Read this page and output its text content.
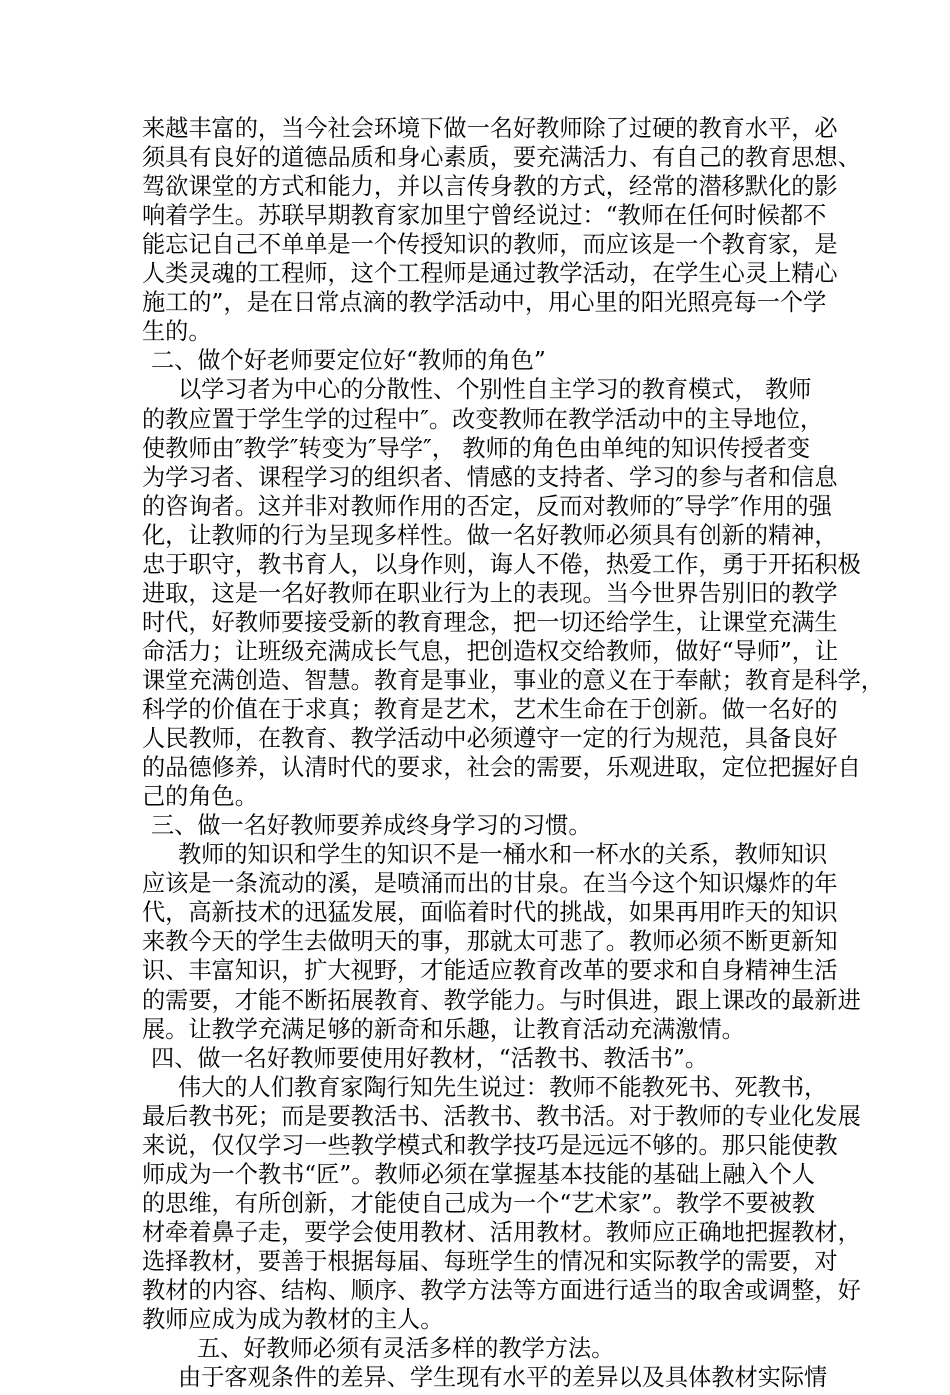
来越丰富的，当今社会环境下做一名好教师除了过硬的教育水平，必
须具有良好的道德品质和身心素质，要充满活力、有自己的教育思想、
驾欲课堂的方式和能力，并以言传身教的方式，经常的潜移默化的影
响着学生。苏联早期教育家加里宁曾经说过：“教师在任何时候都不
能忘记自己不单单是一个传授知识的教师，而应该是一个教育家，是
人类灵魂的工程师，这个工程师是通过教学活动，在学生心灵上精心
施工的”，是在日常点滴的教学活动中，用心里的阳光照亮每一个学
生的。
二、做个好老师要定位好“教师的角色”
以学习者为中心的分散性、个别性自主学习的教育模式， 教师
的教应置于学生学的过程中″。改变教师在教学活动中的主导地位，
使教师由″教学″转变为″导学″， 教师的角色由单纯的知识传授者变
为学习者、课程学习的组织者、情感的支持者、学习的参与者和信息
的咨询者。这并非对教师作用的否定，反而对教师的″导学″作用的强
化，让教师的行为呈现多样性。做一名好教师必须具有创新的精神，
忠于职守，教书育人，以身作则，诲人不倦，热爱工作，勇于开拓积极
进取，这是一名好教师在职业行为上的表现。当今世界告别旧的教学
时代，好教师要接受新的教育理念，把一切还给学生，让课堂充满生
命活力；让班级充满成长气息，把创造权交给教师，做好“导师”，让
课堂充满创造、智慧。教育是事业，事业的意义在于奉献；教育是科学，
科学的价值在于求真；教育是艺术，艺术生命在于创新。做一名好的
人民教师，在教育、教学活动中必须遵守一定的行为规范，具备良好
的品德修养，认清时代的要求，社会的需要，乐观进取，定位把握好自
己的角色。
三、做一名好教师要养成终身学习的习惯。
教师的知识和学生的知识不是一桶水和一杯水的关系，教师知识
应该是一条流动的溪，是喷涌而出的甘泉。在当今这个知识爆炸的年
代，高新技术的迅猛发展，面临着时代的挑战，如果再用昨天的知识
来教今天的学生去做明天的事，那就太可悲了。教师必须不断更新知
识、丰富知识，扩大视野，才能适应教育改革的要求和自身精神生活
的需要，才能不断拓展教育、教学能力。与时俱进，跟上课改的最新进
展。让教学充满足够的新奇和乐趣，让教育活动充满激情。
四、做一名好教师要使用好教材，“活教书、教活书”。
伟大的人们教育家陶行知先生说过：教师不能教死书、死教书，
最后教书死；而是要教活书、活教书、教书活。对于教师的专业化发展
来说，仅仅学习一些教学模式和教学技巧是远远不够的。那只能使教
师成为一个教书“匠”。教师必须在掌握基本技能的基础上融入个人
的思维，有所创新，才能使自己成为一个“艺术家”。教学不要被教
材牵着鼻子走，要学会使用教材、活用教材。教师应正确地把握教材，
选择教材，要善于根据每届、每班学生的情况和实际教学的需要，对
教材的内容、结构、顺序、教学方法等方面进行适当的取舍或调整，好
教师应成为成为教材的主人。
五、好教师必须有灵活多样的教学方法。
由于客观条件的差异、学生现有水平的差异以及具体教材实际情
